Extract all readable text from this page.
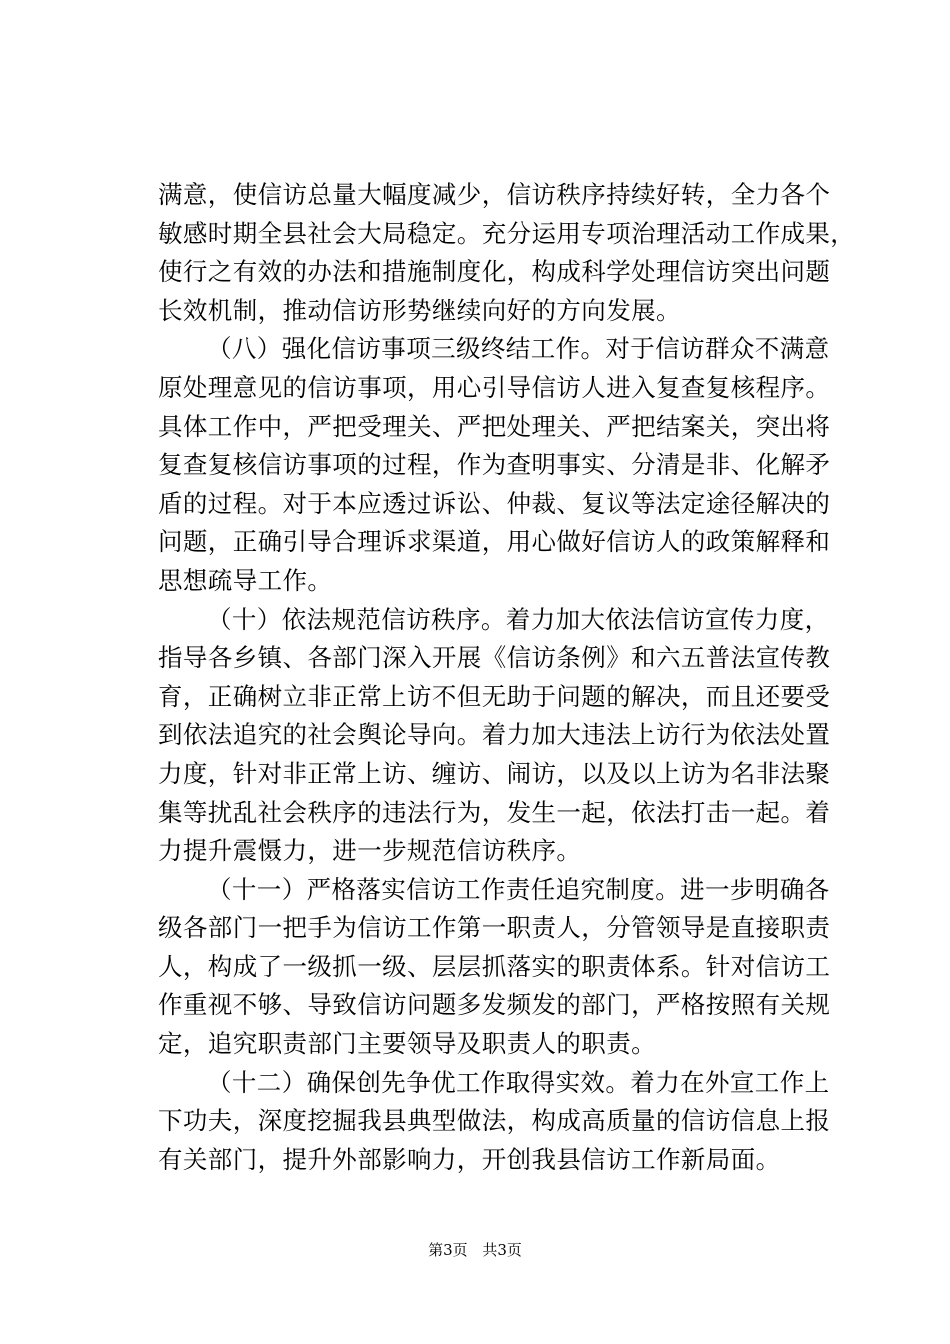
满意，使信访总量大幅度减少，信访秩序持续好转，全力各个
敏感时期全县社会大局稳定。充分运用专项治理活动工作成果，
使行之有效的办法和措施制度化，构成科学处理信访突出问题
长效机制，推动信访形势继续向好的方向发展。
（八）强化信访事项三级终结工作。对于信访群众不满意
原处理意见的信访事项，用心引导信访人进入复查复核程序。
具体工作中，严把受理关、严把处理关、严把结案关，突出将
复查复核信访事项的过程，作为查明事实、分清是非、化解矛
盾的过程。对于本应透过诉讼、仲裁、复议等法定途径解决的
问题，正确引导合理诉求渠道，用心做好信访人的政策解释和
思想疏导工作。
（十）依法规范信访秩序。着力加大依法信访宣传力度，
指导各乡镇、各部门深入开展《信访条例》和六五普法宣传教
育，正确树立非正常上访不但无助于问题的解决，而且还要受
到依法追究的社会舆论导向。着力加大违法上访行为依法处置
力度，针对非正常上访、缠访、闹访，以及以上访为名非法聚
集等扰乱社会秩序的违法行为，发生一起，依法打击一起。着
力提升震慑力，进一步规范信访秩序。
（十一）严格落实信访工作责任追究制度。进一步明确各
级各部门一把手为信访工作第一职责人，分管领导是直接职责
人，构成了一级抓一级、层层抓落实的职责体系。针对信访工
作重视不够、导致信访问题多发频发的部门，严格按照有关规
定，追究职责部门主要领导及职责人的职责。
（十二）确保创先争优工作取得实效。着力在外宣工作上
下功夫，深度挖掘我县典型做法，构成高质量的信访信息上报
有关部门，提升外部影响力，开创我县信访工作新局面。
第3页 共3页
